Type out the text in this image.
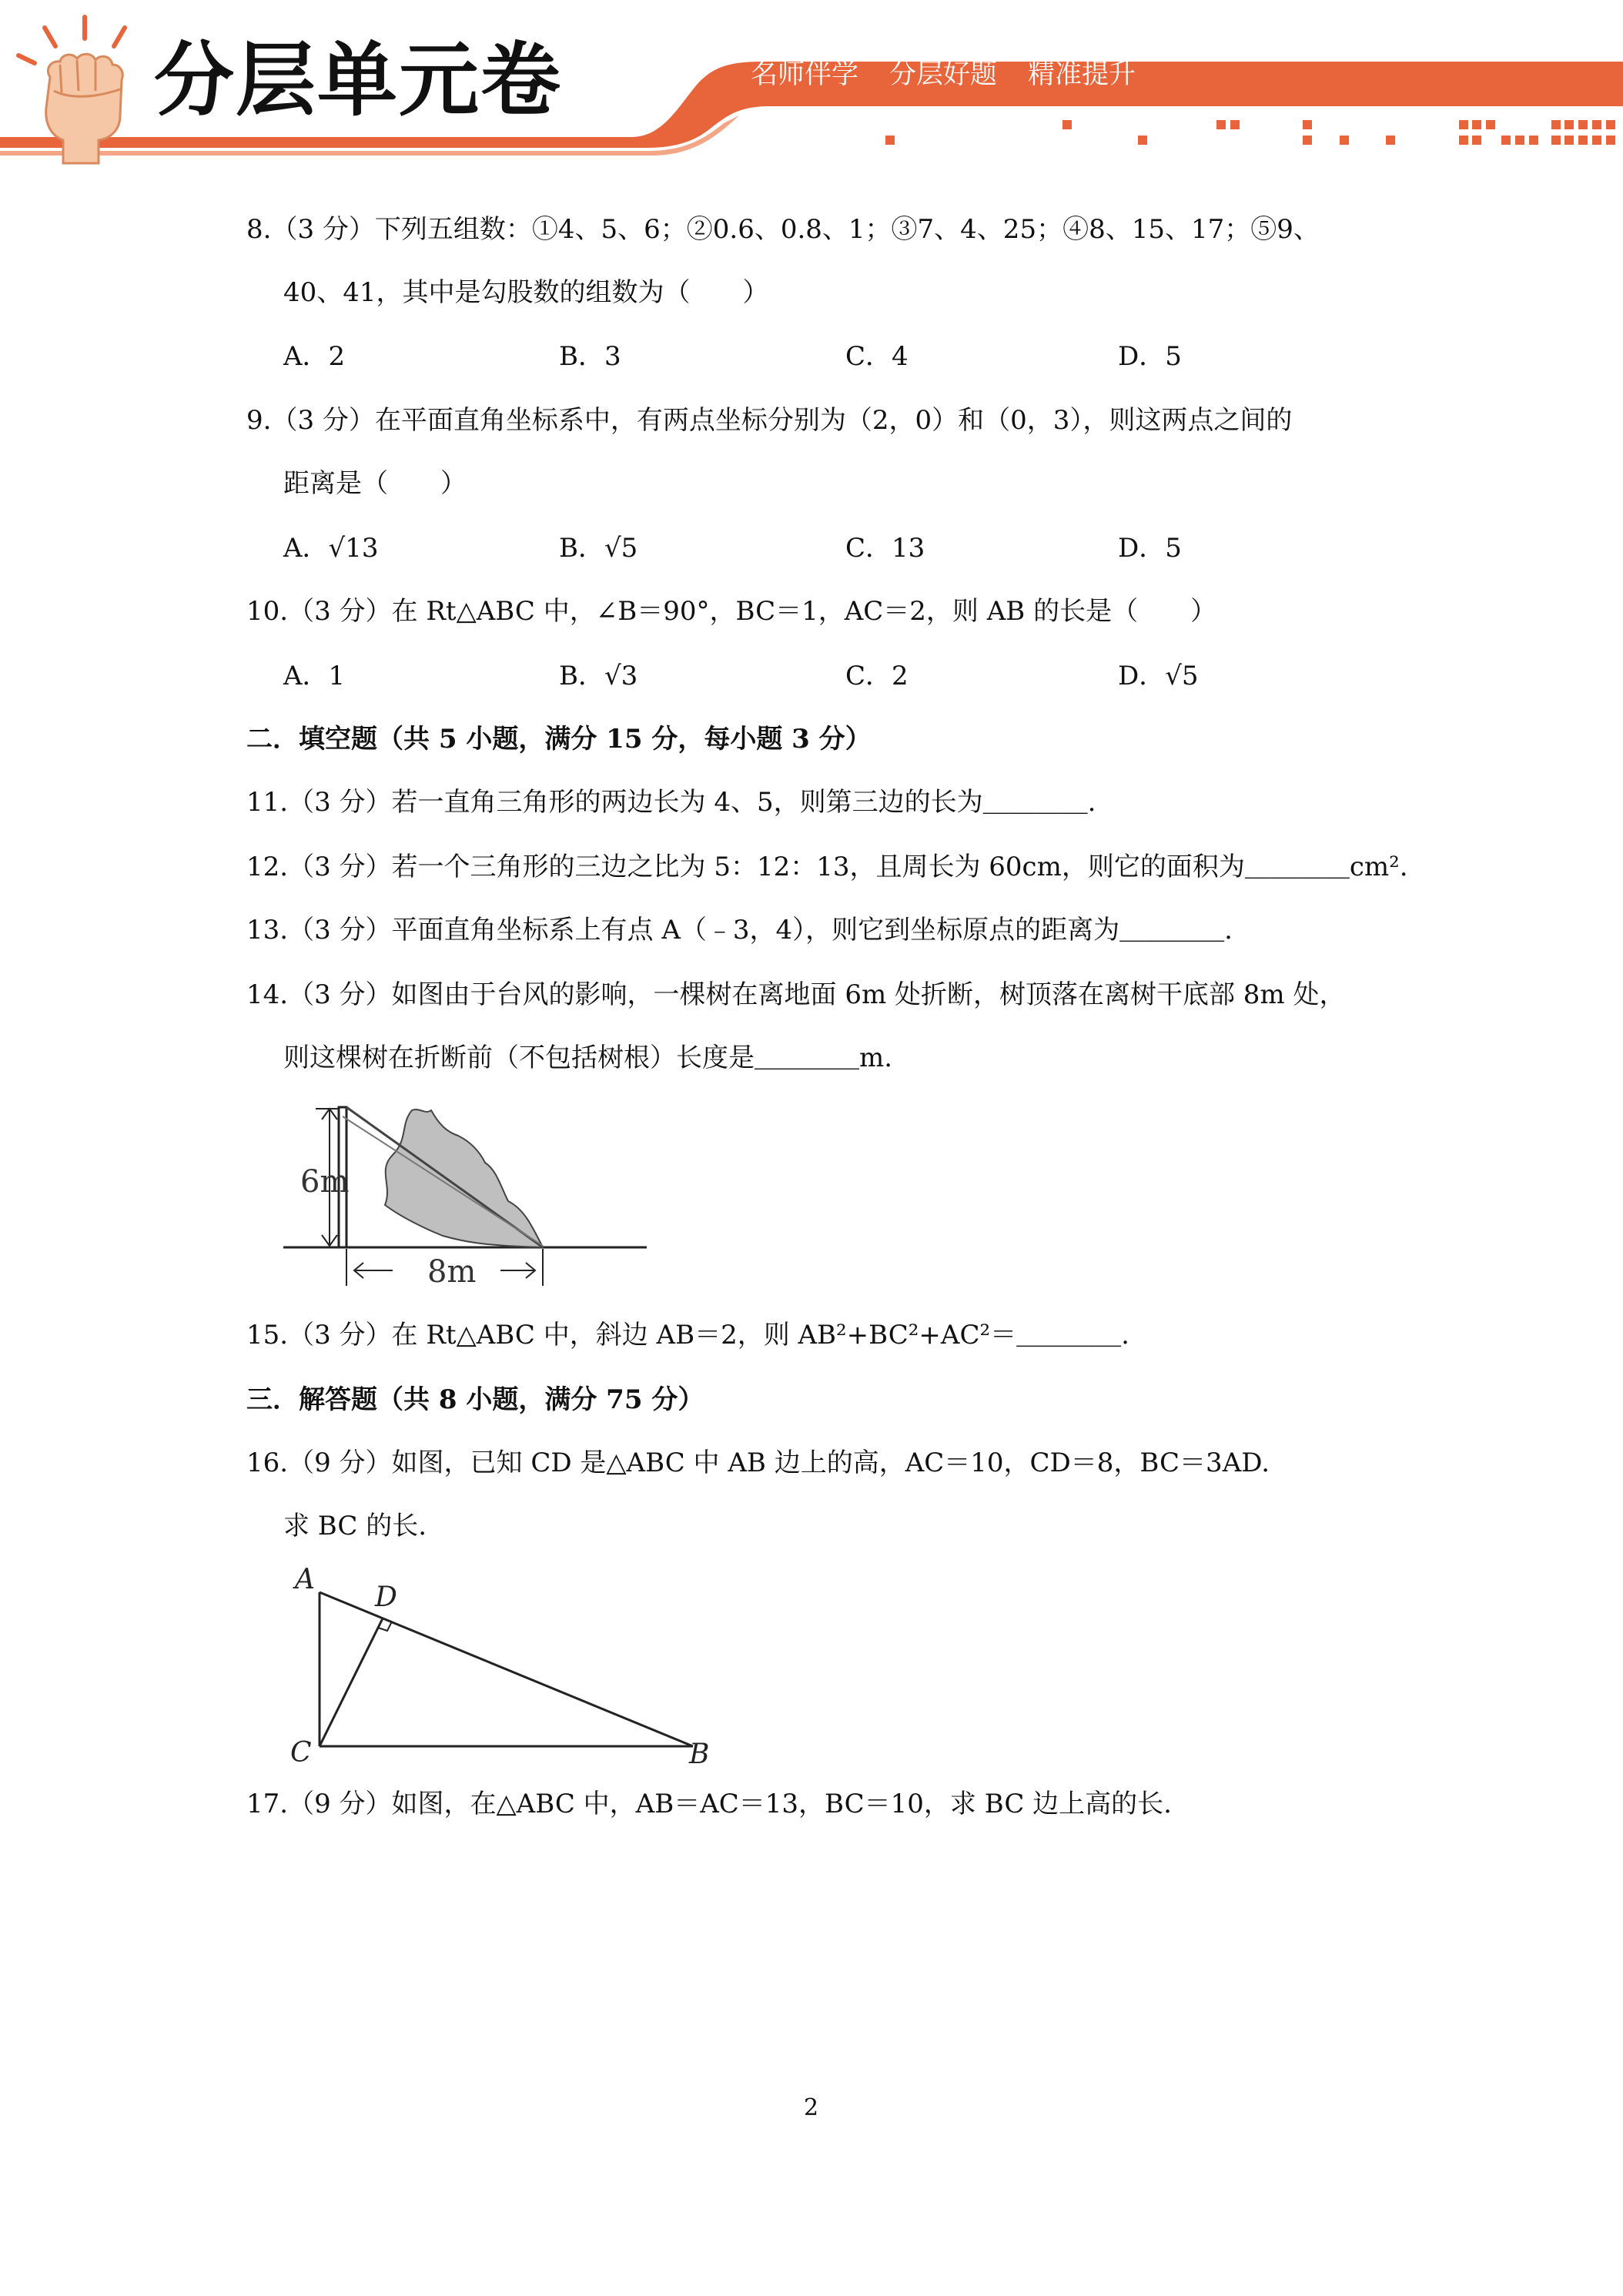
分层单元卷	名师伴学 分层好题 精准提升
8.（3 分）下列五组数：①4、5、6；②0.6、0.8、1；③7、4、25；④8、15、17；⑤9、
40、41，其中是勾股数的组数为（　　）
A．2	B．3	C．4	D．5
9.（3 分）在平面直角坐标系中，有两点坐标分别为（2，0）和（0，3），则这两点之间的
距离是（　　）
A．√13	B．√5	C．13	D．5
10.（3 分）在 Rt△ABC 中，∠B＝90°，BC＝1，AC＝2，则 AB 的长是（　　）
A．1	B．√3	C．2	D．√5
二．填空题（共 5 小题，满分 15 分，每小题 3 分）
11.（3 分）若一直角三角形的两边长为 4、5，则第三边的长为＿＿＿＿.
12.（3 分）若一个三角形的三边之比为 5：12：13，且周长为 60cm，则它的面积为＿＿＿＿cm².
13.（3 分）平面直角坐标系上有点 A（﹣3，4），则它到坐标原点的距离为＿＿＿＿.
14.（3 分）如图由于台风的影响，一棵树在离地面 6m 处折断，树顶落在离树干底部 8m 处，
则这棵树在折断前（不包括树根）长度是＿＿＿＿m.
6m
8m
15.（3 分）在 Rt△ABC 中，斜边 AB＝2，则 AB²+BC²+AC²＝＿＿＿＿.
三．解答题（共 8 小题，满分 75 分）
16.（9 分）如图，已知 CD 是△ABC 中 AB 边上的高，AC＝10，CD＝8，BC＝3AD.
求 BC 的长.
A
D
C	B
17.（9 分）如图，在△ABC 中，AB＝AC＝13，BC＝10，求 BC 边上高的长.
2
